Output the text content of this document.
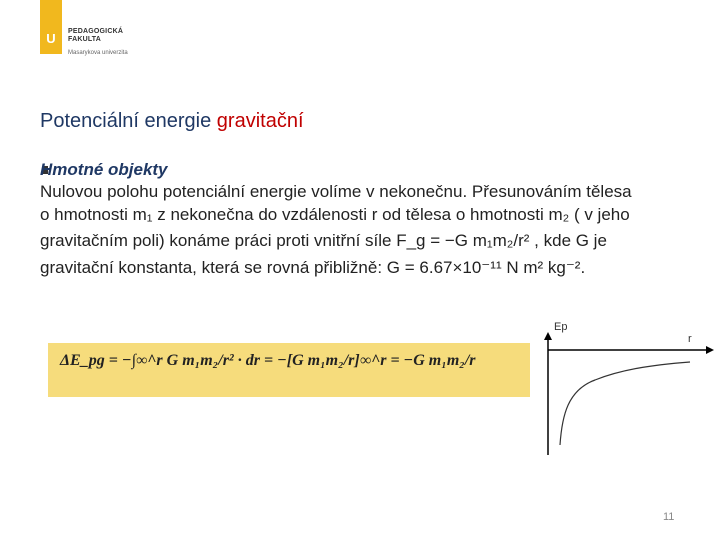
U	PEDAGOGICKÁ
FAKULTA
Masarykova univerzita
Potenciální energie gravitační
Hmotné objekty
Nulovou polohu potenciální energie volíme v nekonečnu. Přesunováním tělesa
o hmotnosti m₁ z nekonečna do vzdálenosti r od tělesa o hmotnosti m₂ ( v jeho
gravitačním poli) konáme práci proti vnitřní síle F_g = −G m₁m₂/r² , kde G je
gravitační konstanta, která se rovná přibližně: G = 6.67×10⁻¹¹ N m² kg⁻².
ΔE_pg = −∫∞^r G m₁m₂/r² · dr = −[G m₁m₂/r]∞^r = −G m₁m₂/r
Ep
r
11
